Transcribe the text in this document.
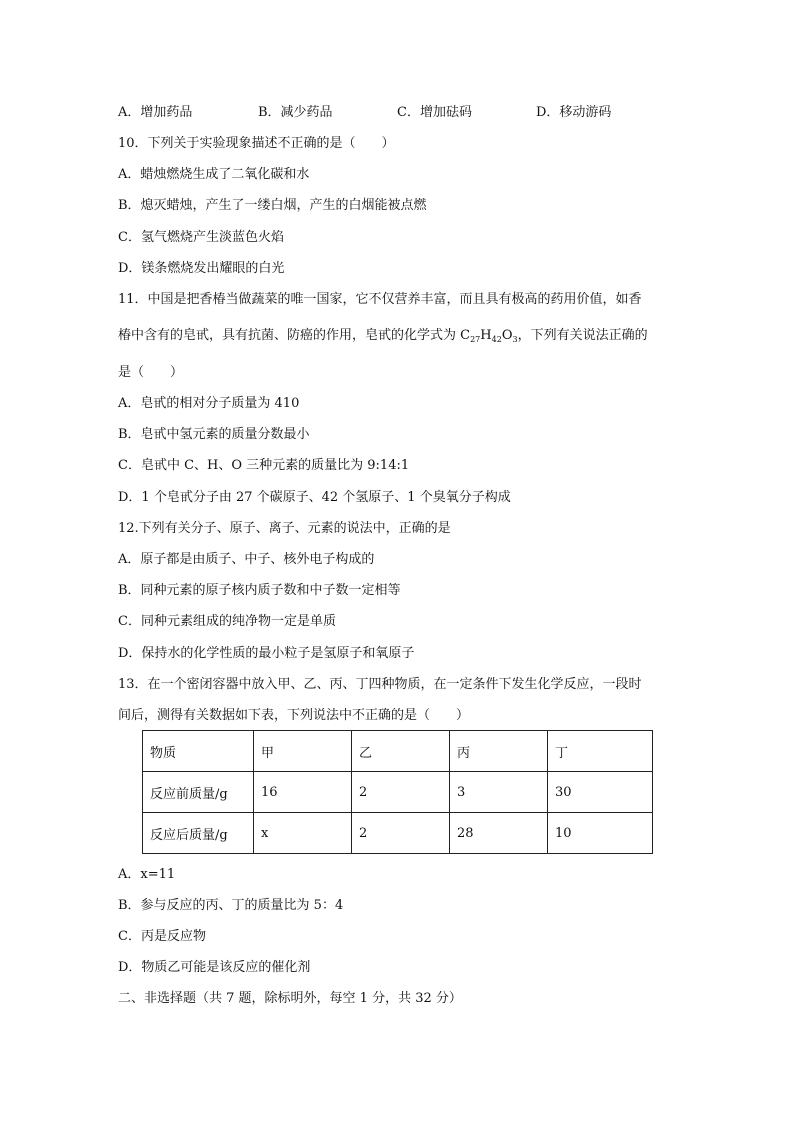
A．增加药品	B．减少药品	C．增加砝码	D．移动游码
10．下列关于实验现象描述不正确的是（　　）
A．蜡烛燃烧生成了二氧化碳和水
B．熄灭蜡烛，产生了一缕白烟，产生的白烟能被点燃
C．氢气燃烧产生淡蓝色火焰
D．镁条燃烧发出耀眼的白光
11．中国是把香椿当做蔬菜的唯一国家，它不仅营养丰富，而且具有极高的药用价值，如香
椿中含有的皂甙，具有抗菌、防癌的作用，皂甙的化学式为 $C_{27}H_{42}O_3$，下列有关说法正确的
是（　　）
A．皂甙的相对分子质量为 410
B．皂甙中氢元素的质量分数最小
C．皂甙中 C、H、O 三种元素的质量比为 9:14:1
D．1 个皂甙分子由 27 个碳原子、42 个氢原子、1 个臭氧分子构成
12.下列有关分子、原子、离子、元素的说法中，正确的是
A．原子都是由质子、中子、核外电子构成的
B．同种元素的原子核内质子数和中子数一定相等
C．同种元素组成的纯净物一定是单质
D．保持水的化学性质的最小粒子是氢原子和氧原子
13．在一个密闭容器中放入甲、乙、丙、丁四种物质，在一定条件下发生化学反应，一段时
间后，测得有关数据如下表，下列说法中不正确的是（　　）
物质	甲	乙	丙	丁
反应前质量/g	16	2	3	30
反应后质量/g	x	2	28	10
A．x=11
B．参与反应的丙、丁的质量比为 5：4
C．丙是反应物
D．物质乙可能是该反应的催化剂
二、非选择题（共 7 题，除标明外，每空 1 分，共 32 分）
